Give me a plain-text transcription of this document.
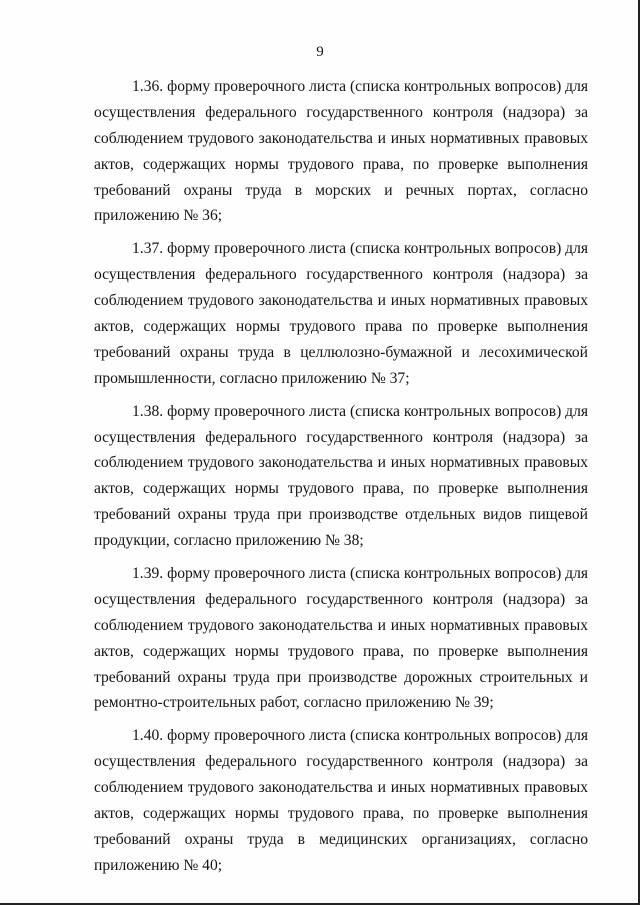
9
1.36. форму проверочного листа (списка контрольных вопросов) для
осуществления федерального государственного контроля (надзора) за
соблюдением трудового законодательства и иных нормативных правовых
актов, содержащих нормы трудового права, по проверке выполнения
требований охраны труда в морских и речных портах, согласно
приложению № 36;
1.37. форму проверочного листа (списка контрольных вопросов) для
осуществления федерального государственного контроля (надзора) за
соблюдением трудового законодательства и иных нормативных правовых
актов, содержащих нормы трудового права по проверке выполнения
требований охраны труда в целлюлозно-бумажной и лесохимической
промышленности, согласно приложению № 37;
1.38. форму проверочного листа (списка контрольных вопросов) для
осуществления федерального государственного контроля (надзора) за
соблюдением трудового законодательства и иных нормативных правовых
актов, содержащих нормы трудового права, по проверке выполнения
требований охраны труда при производстве отдельных видов пищевой
продукции, согласно приложению № 38;
1.39. форму проверочного листа (списка контрольных вопросов) для
осуществления федерального государственного контроля (надзора) за
соблюдением трудового законодательства и иных нормативных правовых
актов, содержащих нормы трудового права, по проверке выполнения
требований охраны труда при производстве дорожных строительных и
ремонтно-строительных работ, согласно приложению № 39;
1.40. форму проверочного листа (списка контрольных вопросов) для
осуществления федерального государственного контроля (надзора) за
соблюдением трудового законодательства и иных нормативных правовых
актов, содержащих нормы трудового права, по проверке выполнения
требований охраны труда в медицинских организациях, согласно
приложению № 40;
